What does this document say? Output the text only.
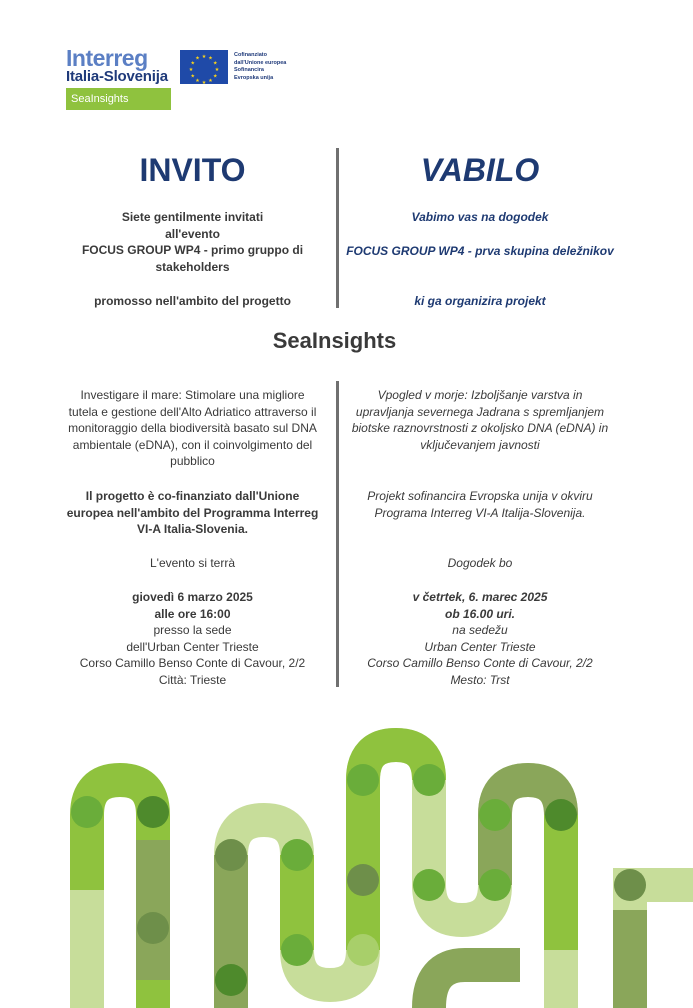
Interreg
Italia-Slovenija
SeaInsights
★ ★
★
★
★
★
★
★
★
★
★
★
Cofinanziato
dall'Unione europea
Sofinancira
Evropska unija
INVITO
Siete gentilmente invitati
all'evento
FOCUS GROUP WP4 - primo gruppo di
stakeholders
promosso nell'ambito del progetto
VABILO
Vabimo vas na dogodek
FOCUS GROUP WP4 - prva skupina deležnikov
ki ga organizira projekt
SeaInsights
Investigare il mare: Stimolare una migliore
tutela e gestione dell'Alto Adriatico attraverso il
monitoraggio della biodiversità basato sul DNA
ambientale (eDNA), con il coinvolgimento del
pubblico
Il progetto è co-finanziato dall'Unione
europea nell'ambito del Programma Interreg
VI-A Italia-Slovenia.
L'evento si terrà
giovedì 6 marzo 2025
alle ore 16:00
presso la sede
dell'Urban Center Trieste
Corso Camillo Benso Conte di Cavour, 2/2
Città: Trieste
Vpogled v morje: Izboljšanje varstva in
upravljanja severnega Jadrana s spremljanjem
biotske raznovrstnosti z okoljsko DNA (eDNA) in
vključevanjem javnosti
Projekt sofinancira Evropska unija v okviru
Programa Interreg VI-A Italija-Slovenija.
Dogodek bo
v četrtek, 6. marec 2025
ob 16.00 uri.
na sedežu
Urban Center Trieste
Corso Camillo Benso Conte di Cavour, 2/2
Mesto: Trst
